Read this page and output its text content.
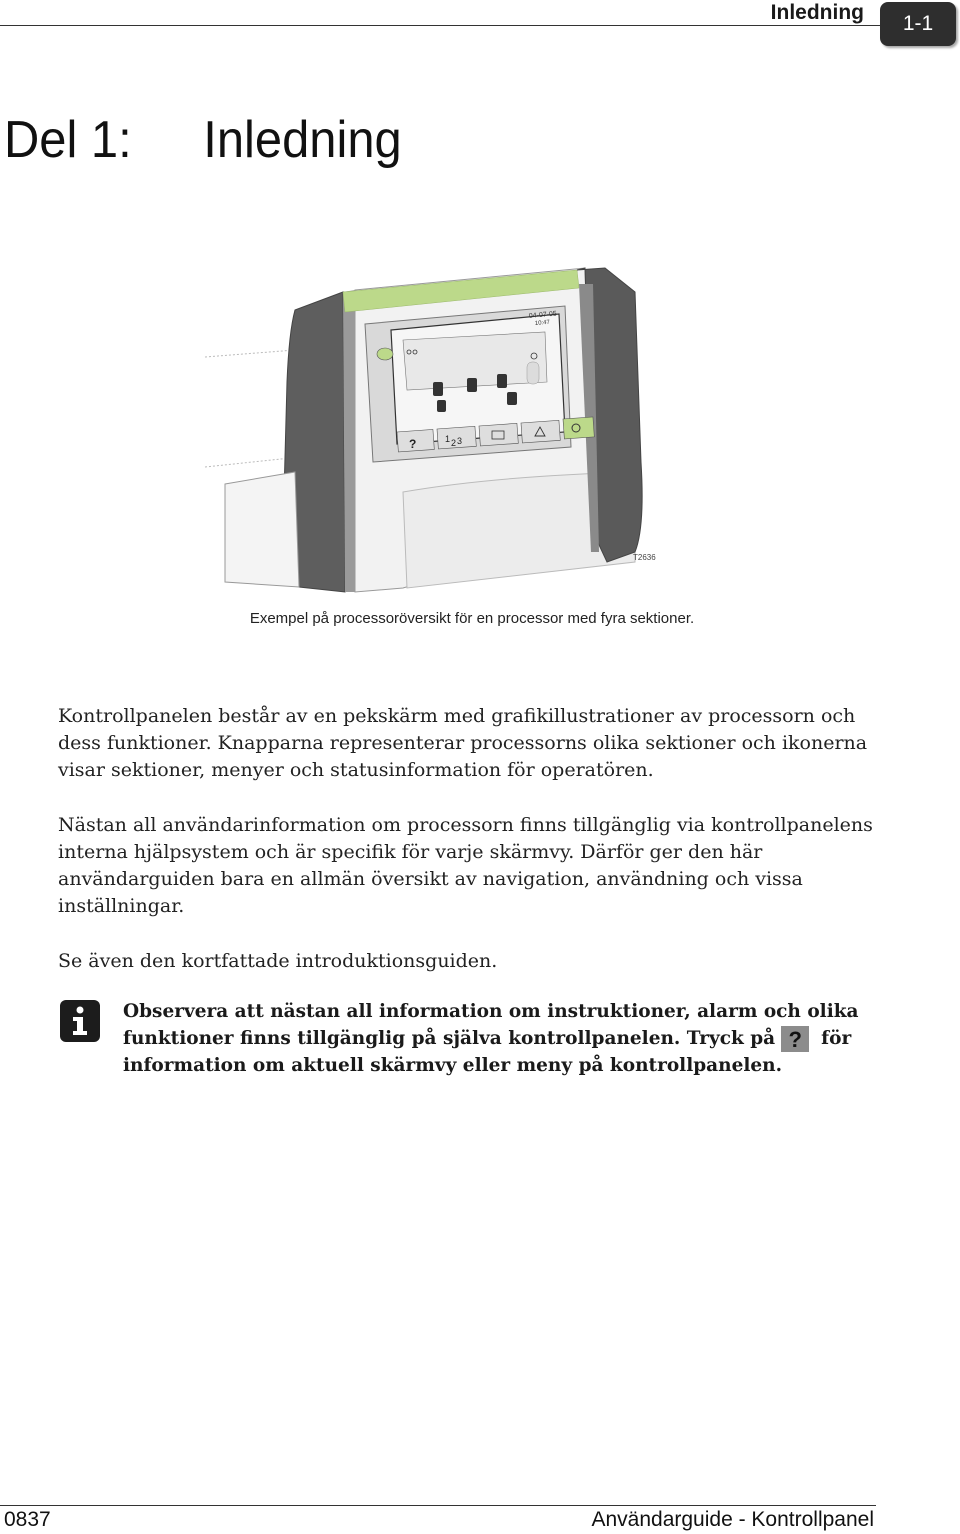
Inledning	1-1
Del 1: Inledning
04-07-05
10:47
?	1 2 3
T2636
Exempel på processoröversikt för en processor med fyra sektioner.

Kontrollpanelen består av en pekskärm med grafikillustrationer av processorn och dess funktioner. Knapparna representerar processorns olika sektioner och ikonerna visar sektioner, menyer och statusinformation för operatören.

Nästan all användarinformation om processorn finns tillgänglig via kontrollpanelens interna hjälpsystem och är specifik för varje skärmvy. Därför ger den här användarguiden bara en allmän översikt av navigation, användning och vissa inställningar.

Se även den kortfattade introduktionsguiden.

Observera att nästan all information om instruktioner, alarm och olika funktioner finns tillgänglig på själva kontrollpanelen. Tryck på ? för information om aktuell skärmvy eller meny på kontrollpanelen.

0837	Användarguide - Kontrollpanel
